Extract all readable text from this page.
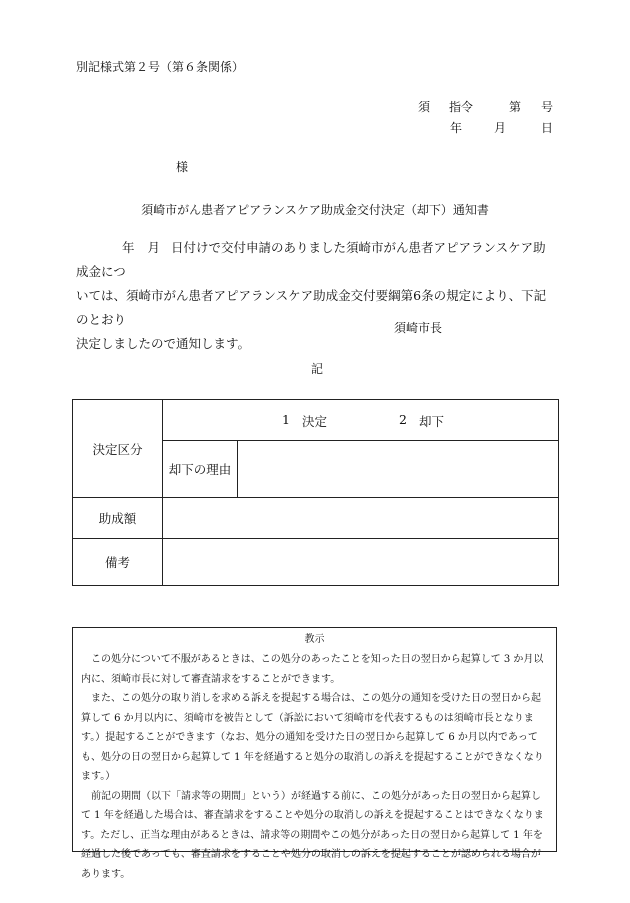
別記様式第２号（第６条関係）
須 指令	第 号
年	月	日
様
須崎市がん患者アピアランスケア助成金交付決定（却下）通知書

年 月 日付けで交付申請のありました須崎市がん患者アピアランスケア助成金につ

いては、須崎市がん患者アピアランスケア助成金交付要綱第6条の規定により、下記のとおり

決定しましたので通知します。

須崎市長
記
決定区分	1 決定 2 却下	

	却下の理由	
助成額		
備考		
教示

この処分について不服があるときは、この処分のあったことを知った日の翌日から起算して 3 か月以内に、須崎市長に対して審査請求をすることができます。

また、この処分の取り消しを求める訴えを提起する場合は、この処分の通知を受けた日の翌日から起算して 6 か月以内に、須崎市を被告として（訴訟において須崎市を代表するものは須崎市長となります。）提起することができます（なお、処分の通知を受けた日の翌日から起算して 6 か月以内であっても、処分の日の翌日から起算して 1 年を経過すると処分の取消しの訴えを提起することができなくなります。）

前記の期間（以下「請求等の期間」という）が経過する前に、この処分があった日の翌日から起算して 1 年を経過した場合は、審査請求をすることや処分の取消しの訴えを提起することはできなくなります。ただし、正当な理由があるときは、請求等の期間やこの処分があった日の翌日から起算して 1 年を経過した後であっても、審査請求をすることや処分の取消しの訴えを提起することが認められる場合があります。
